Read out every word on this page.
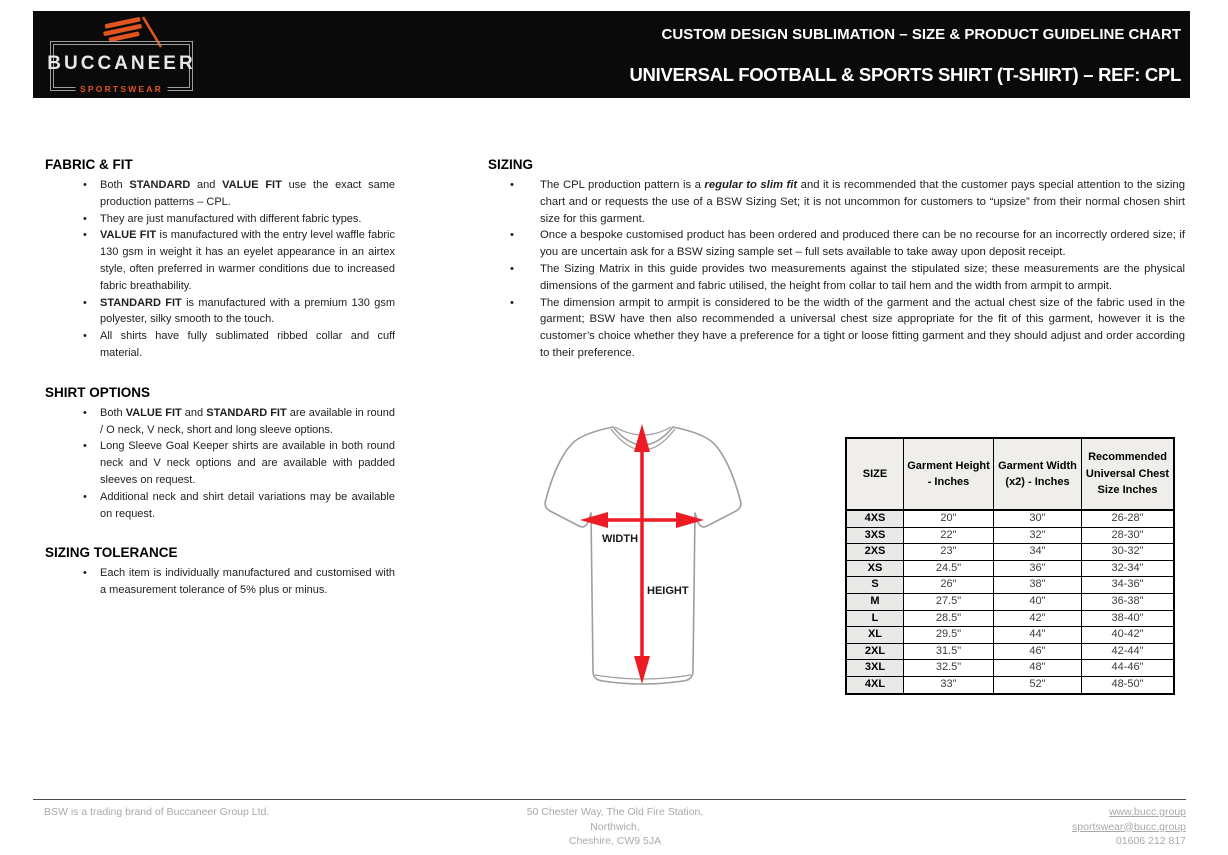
BUCCANEER
SPORTSWEAR
CUSTOM DESIGN SUBLIMATION – SIZE & PRODUCT GUIDELINE CHART
UNIVERSAL FOOTBALL & SPORTS SHIRT (T-SHIRT) – REF: CPL
FABRIC & FIT
• Both STANDARD and VALUE FIT use the exact same production patterns – CPL.
• They are just manufactured with different fabric types.
• VALUE FIT is manufactured with the entry level waffle fabric 130 gsm in weight it has an eyelet appearance in an airtex style, often preferred in warmer conditions due to increased fabric breathability.
• STANDARD FIT is manufactured with a premium 130 gsm polyester, silky smooth to the touch.
• All shirts have fully sublimated ribbed collar and cuff material.
SHIRT OPTIONS
• Both VALUE FIT and STANDARD FIT are available in round / O neck, V neck, short and long sleeve options.
• Long Sleeve Goal Keeper shirts are available in both round neck and V neck options and are available with padded sleeves on request.
• Additional neck and shirt detail variations may be available on request.
SIZING TOLERANCE
• Each item is individually manufactured and customised with a measurement tolerance of 5% plus or minus.
SIZING
• The CPL production pattern is a regular to slim fit and it is recommended that the customer pays special attention to the sizing chart and or requests the use of a BSW Sizing Set; it is not uncommon for customers to “upsize” from their normal chosen shirt size for this garment.
• Once a bespoke customised product has been ordered and produced there can be no recourse for an incorrectly ordered size; if you are uncertain ask for a BSW sizing sample set – full sets available to take away upon deposit receipt.
• The Sizing Matrix in this guide provides two measurements against the stipulated size; these measurements are the physical dimensions of the garment and fabric utilised, the height from collar to tail hem and the width from armpit to armpit.
• The dimension armpit to armpit is considered to be the width of the garment and the actual chest size of the fabric used in the garment; BSW have then also recommended a universal chest size appropriate for the fit of this garment, however it is the customer’s choice whether they have a preference for a tight or loose fitting garment and they should adjust and order according to their preference.
WIDTH
HEIGHT
SIZE	Garment Height - Inches	Garment Width (x2) - Inches	Recommended Universal Chest Size Inches
4XS	20"	30"	26-28"
3XS	22"	32"	28-30"
2XS	23"	34"	30-32"
XS	24.5"	36"	32-34"
S	26"	38"	34-36"
M	27.5"	40"	36-38"
L	28.5"	42"	38-40"
XL	29.5"	44"	40-42"
2XL	31.5"	46"	42-44"
3XL	32.5"	48"	44-46"
4XL	33"	52"	48-50"
BSW is a trading brand of Buccaneer Group Ltd.	50 Chester Way, The Old Fire Station,
Northwich,
Cheshire, CW9 5JA
www.bucc.group
sportswear@bucc.group
01606 212 817
